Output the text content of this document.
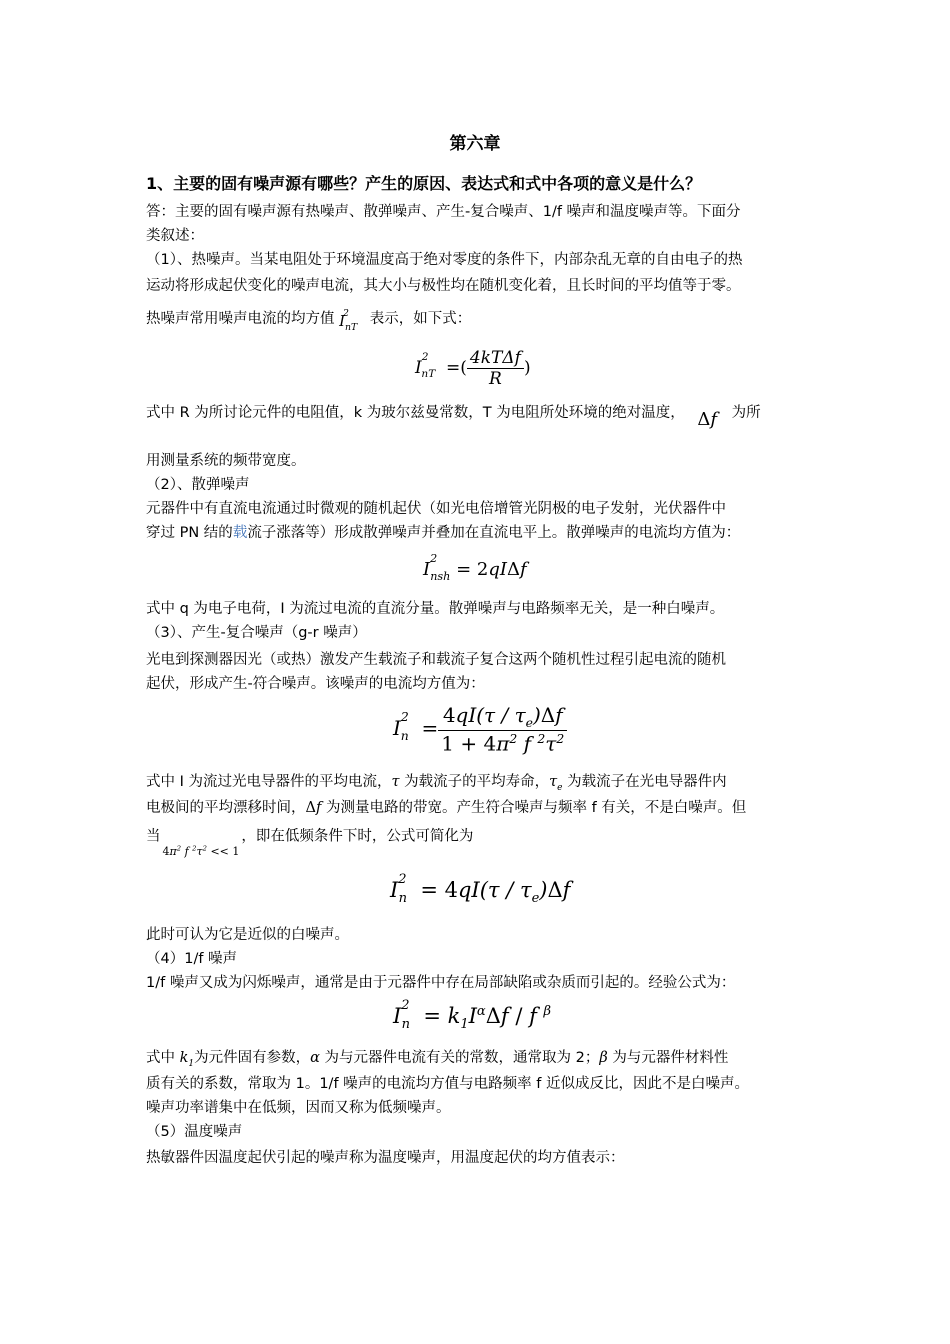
第六章
1、主要的固有噪声源有哪些？产生的原因、表达式和式中各项的意义是什么？
答：主要的固有噪声源有热噪声、散弹噪声、产生-复合噪声、1/f 噪声和温度噪声等。下面分
类叙述：
（1）、热噪声。当某电阻处于环境温度高于绝对零度的条件下，内部杂乱无章的自由电子的热
运动将形成起伏变化的噪声电流，其大小与极性均在随机变化着，且长时间的平均值等于零。
热噪声常用噪声电流的均方值 $I^2_{nT}$ 表示，如下式：
$I^2_{nT}$  =( $\frac{\text{4kTΔf}}{R}$ )
式中 R 为所讨论元件的电阻值，k 为玻尔兹曼常数，T 为电阻所处环境的绝对温度， Δf 为所
用测量系统的频带宽度。
（2）、散弹噪声
元器件中有直流电流通过时微观的随机起伏（如光电倍增管光阴极的电子发射，光伏器件中
穿过 PN 结的载流子涨落等）形成散弹噪声并叠加在直流电平上。散弹噪声的电流均方值为：
$I^2_{nsh} = 2qI\Delta f$
式中 q 为电子电荷，I 为流过电流的直流分量。散弹噪声与电路频率无关，是一种白噪声。
（3）、产生-复合噪声（g-r 噪声）
光电到探测器因光（或热）激发产生载流子和载流子复合这两个随机性过程引起电流的随机
起伏，形成产生-符合噪声。该噪声的电流均方值为：
$I^2_n = \frac{4qI(\tau / \tau_e)\Delta f}{1 + 4\pi^2 f ^2\tau^2}$
式中 I 为流过光电导器件的平均电流，τ 为载流子的平均寿命，$\tau_e$ 为载流子在光电导器件内
电极间的平均漂移时间，Δf 为测量电路的带宽。产生符合噪声与频率 f 有关，不是白噪声。但
当$_{4\pi^2 f ^2\tau^2 << 1}$，即在低频条件下时，公式可简化为
$I^2_n = 4qI(\tau / \tau_e)\Delta f$
此时可认为它是近似的白噪声。
（4）1/f 噪声
1/f 噪声又成为闪烁噪声，通常是由于元器件中存在局部缺陷或杂质而引起的。经验公式为：
$I^2_n = k_1I^\alpha\Delta f / f$ $^\beta$
式中 $k_1$为元件固有参数，α 为与元器件电流有关的常数，通常取为 2；β 为与元器件材料性
质有关的系数，常取为 1。1/f 噪声的电流均方值与电路频率 f 近似成反比，因此不是白噪声。
噪声功率谱集中在低频，因而又称为低频噪声。
（5）温度噪声
热敏器件因温度起伏引起的噪声称为温度噪声，用温度起伏的均方值表示：
